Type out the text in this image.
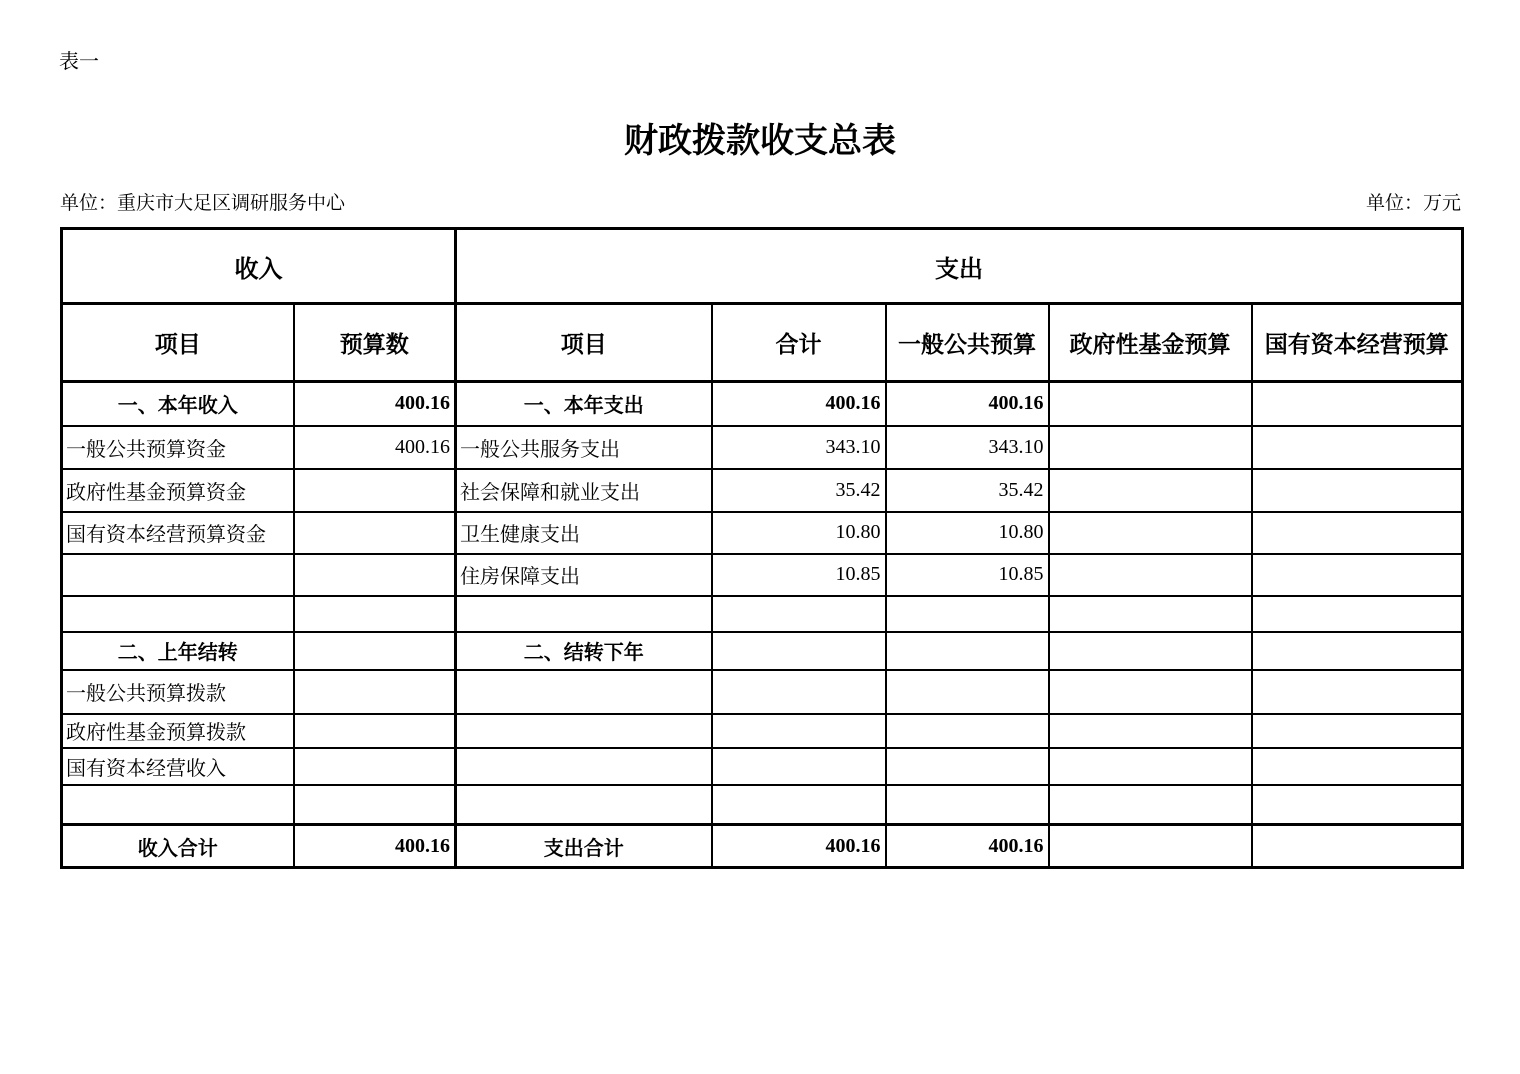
表一
财政拨款收支总表
单位：重庆市大足区调研服务中心	单位：万元
收入		支出				
项目	预算数	项目	合计	一般公共预算	政府性基金预算	国有资本经营预算
一、本年收入	400.16	一、本年支出	400.16	400.16		
一般公共预算资金	400.16	一般公共服务支出	343.10	343.10		
政府性基金预算资金		社会保障和就业支出	35.42	35.42		
国有资本经营预算资金		卫生健康支出	10.80	10.80		
		住房保障支出	10.85	10.85		

二、上年结转		二、结转下年				
一般公共预算拨款						
政府性基金预算拨款						
国有资本经营收入						

收入合计	400.16	支出合计	400.16	400.16		
